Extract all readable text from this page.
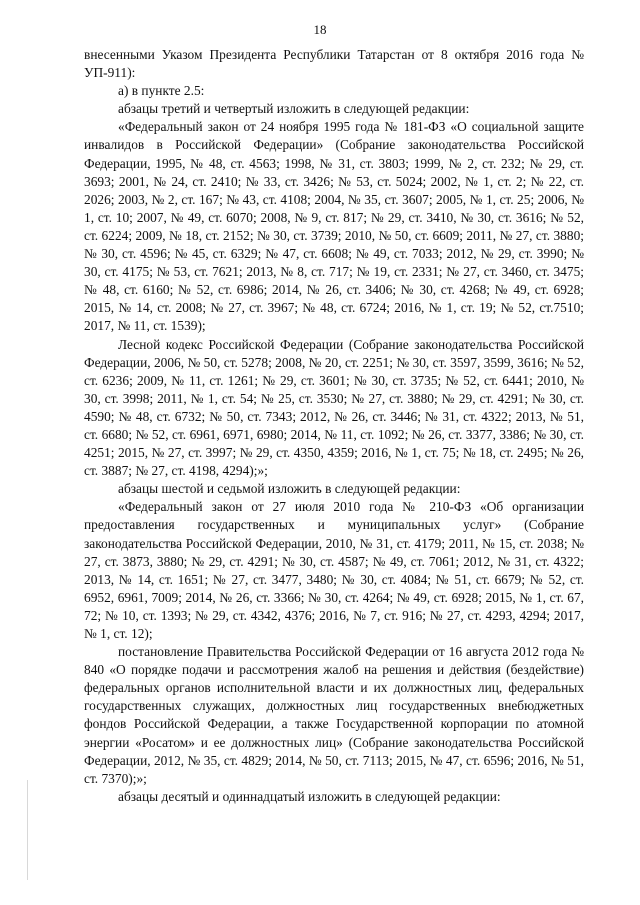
18

внесенными Указом Президента Республики Татарстан от 8 октября 2016 года № УП-911):

а) в пункте 2.5:

абзацы третий и четвертый изложить в следующей редакции:

«Федеральный закон от 24 ноября 1995 года № 181-ФЗ «О социальной защите инвалидов в Российской Федерации» (Собрание законодательства Российской Федерации, 1995, № 48, ст. 4563; 1998, № 31, ст. 3803; 1999, № 2, ст. 232; № 29, ст. 3693; 2001, № 24, ст. 2410; № 33, ст. 3426; № 53, ст. 5024; 2002, № 1, ст. 2; № 22, ст. 2026; 2003, № 2, ст. 167; № 43, ст. 4108; 2004, № 35, ст. 3607; 2005, № 1, ст. 25; 2006, № 1, ст. 10; 2007, № 49, ст. 6070; 2008, № 9, ст. 817; № 29, ст. 3410, № 30, ст. 3616; № 52, ст. 6224; 2009, № 18, ст. 2152; № 30, ст. 3739; 2010, № 50, ст. 6609; 2011, № 27, ст. 3880; № 30, ст. 4596; № 45, ст. 6329; № 47, ст. 6608; № 49, ст. 7033; 2012, № 29, ст. 3990; № 30, ст. 4175; № 53, ст. 7621; 2013, № 8, ст. 717; № 19, ст. 2331; № 27, ст. 3460, ст. 3475; № 48, ст. 6160; № 52, ст. 6986; 2014, № 26, ст. 3406; № 30, ст. 4268; № 49, ст. 6928; 2015, № 14, ст. 2008; № 27, ст. 3967; № 48, ст. 6724; 2016, № 1, ст. 19; № 52, ст.7510; 2017, № 11, ст. 1539);

Лесной кодекс Российской Федерации (Собрание законодательства Российской Федерации, 2006, № 50, ст. 5278; 2008, № 20, ст. 2251; № 30, ст. 3597, 3599, 3616; № 52, ст. 6236; 2009, № 11, ст. 1261; № 29, ст. 3601; № 30, ст. 3735; № 52, ст. 6441; 2010, № 30, ст. 3998; 2011, № 1, ст. 54; № 25, ст. 3530; № 27, ст. 3880; № 29, ст. 4291; № 30, ст. 4590; № 48, ст. 6732; № 50, ст. 7343; 2012, № 26, ст. 3446; № 31, ст. 4322; 2013, № 51, ст. 6680; № 52, ст. 6961, 6971, 6980; 2014, № 11, ст. 1092; № 26, ст. 3377, 3386; № 30, ст. 4251; 2015, № 27, ст. 3997; № 29, ст. 4350, 4359; 2016, № 1, ст. 75; № 18, ст. 2495; № 26, ст. 3887; № 27, ст. 4198, 4294);»;

абзацы шестой и седьмой изложить в следующей редакции:

«Федеральный закон от 27 июля 2010 года № 210-ФЗ «Об организации предоставления государственных и муниципальных услуг» (Собрание законодательства Российской Федерации, 2010, № 31, ст. 4179; 2011, № 15, ст. 2038; № 27, ст. 3873, 3880; № 29, ст. 4291; № 30, ст. 4587; № 49, ст. 7061; 2012, № 31, ст. 4322; 2013, № 14, ст. 1651; № 27, ст. 3477, 3480; № 30, ст. 4084; № 51, ст. 6679; № 52, ст. 6952, 6961, 7009; 2014, № 26, ст. 3366; № 30, ст. 4264; № 49, ст. 6928; 2015, № 1, ст. 67, 72; № 10, ст. 1393; № 29, ст. 4342, 4376; 2016, № 7, ст. 916; № 27, ст. 4293, 4294; 2017, № 1, ст. 12);

постановление Правительства Российской Федерации от 16 августа 2012 года № 840 «О порядке подачи и рассмотрения жалоб на решения и действия (бездействие) федеральных органов исполнительной власти и их должностных лиц, федеральных государственных служащих, должностных лиц государственных внебюджетных фондов Российской Федерации, а также Государственной корпорации по атомной энергии «Росатом» и ее должностных лиц» (Собрание законодательства Российской Федерации, 2012, № 35, ст. 4829; 2014, № 50, ст. 7113; 2015, № 47, ст. 6596; 2016, № 51, ст. 7370);»;

абзацы десятый и одиннадцатый изложить в следующей редакции:
